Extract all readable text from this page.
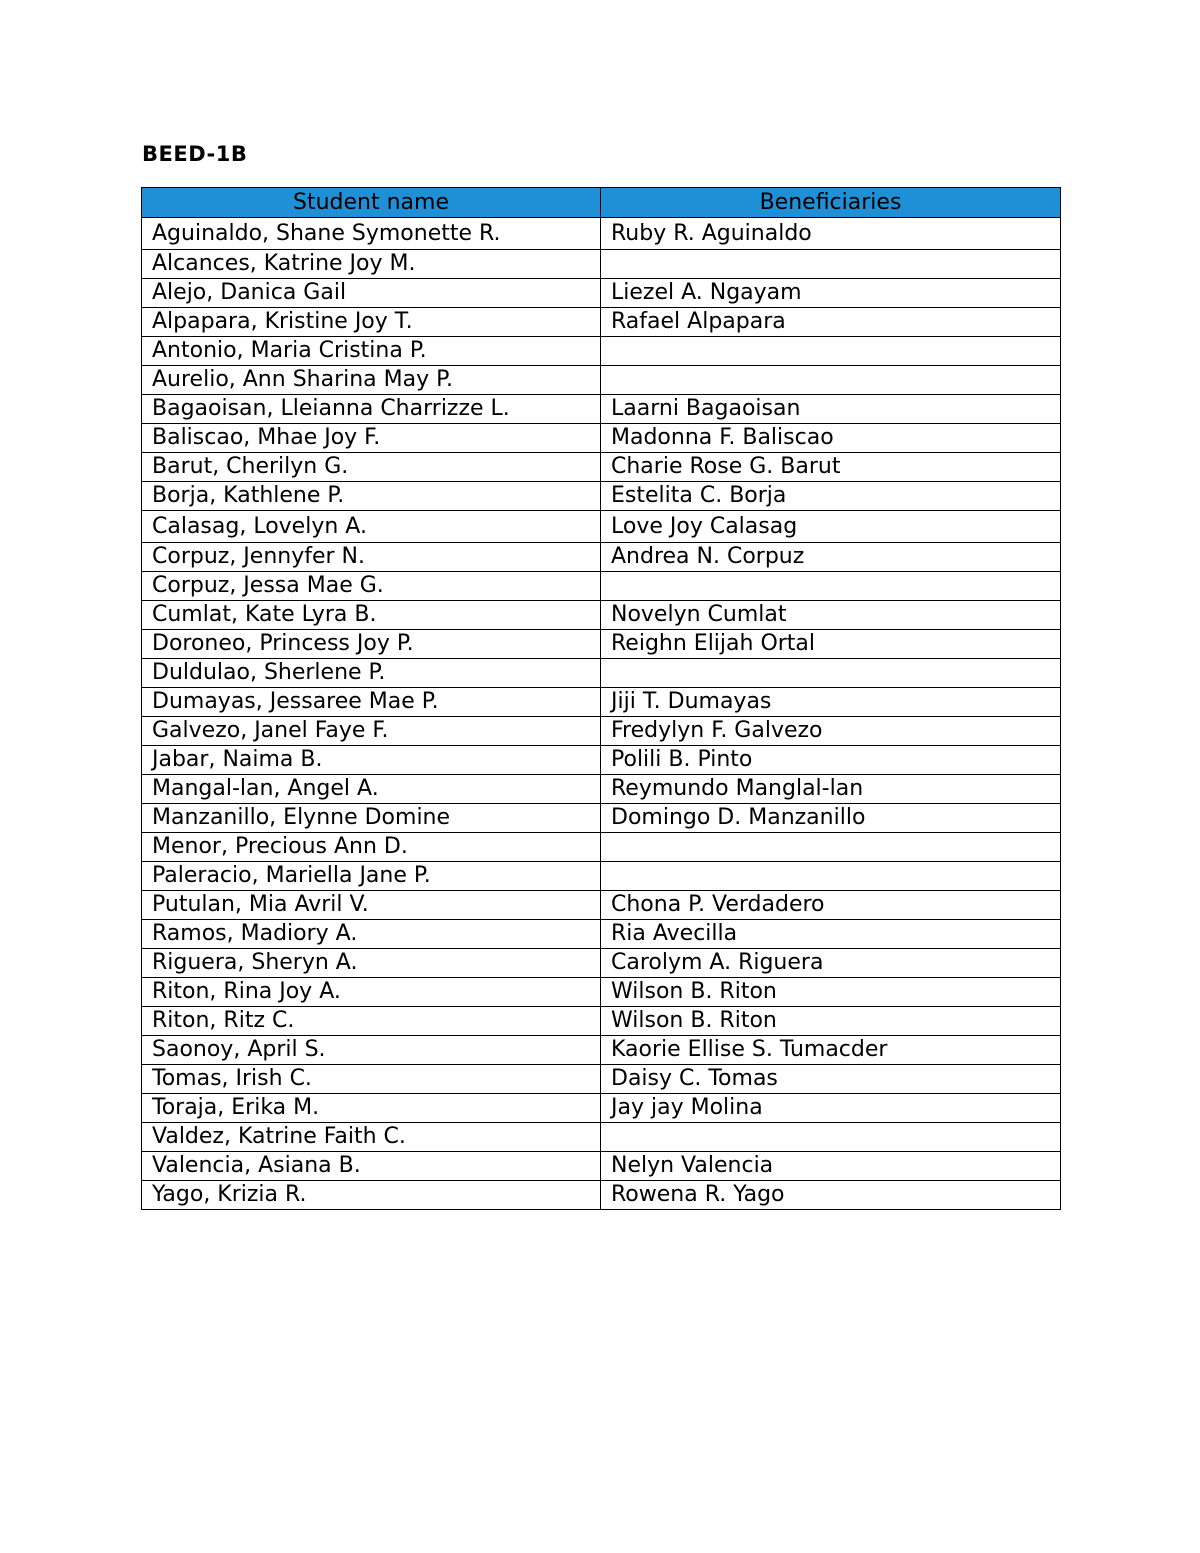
BEED-1B
Student name	Beneficiaries
Aguinaldo, Shane Symonette R.	Ruby R. Aguinaldo
Alcances, Katrine Joy M.	
Alejo, Danica Gail	Liezel A. Ngayam
Alpapara, Kristine Joy T.	Rafael Alpapara
Antonio, Maria Cristina P.	
Aurelio, Ann Sharina May P.	
Bagaoisan, Lleianna Charrizze L.	Laarni Bagaoisan
Baliscao, Mhae Joy F.	Madonna F. Baliscao
Barut, Cherilyn G.	Charie Rose G. Barut
Borja, Kathlene P.	Estelita C. Borja
Calasag, Lovelyn A.	Love Joy Calasag
Corpuz, Jennyfer N.	Andrea N. Corpuz
Corpuz, Jessa Mae G.	
Cumlat, Kate Lyra B.	Novelyn Cumlat
Doroneo, Princess Joy P.	Reighn Elijah Ortal
Duldulao, Sherlene P.	
Dumayas, Jessaree Mae P.	Jiji T. Dumayas
Galvezo, Janel Faye F.	Fredylyn F. Galvezo
Jabar, Naima B.	Polili B. Pinto
Mangal-lan, Angel A.	Reymundo Manglal-lan
Manzanillo, Elynne Domine	Domingo D. Manzanillo
Menor, Precious Ann D.	
Paleracio, Mariella Jane P.	
Putulan, Mia Avril V.	Chona P. Verdadero
Ramos, Madiory A.	Ria Avecilla
Riguera, Sheryn A.	Carolym A. Riguera
Riton, Rina Joy A.	Wilson B. Riton
Riton, Ritz C.	Wilson B. Riton
Saonoy, April S.	Kaorie Ellise S. Tumacder
Tomas, Irish C.	Daisy C. Tomas
Toraja, Erika M.	Jay jay Molina
Valdez, Katrine Faith C.	
Valencia, Asiana B.	Nelyn Valencia
Yago, Krizia R.	Rowena R. Yago
